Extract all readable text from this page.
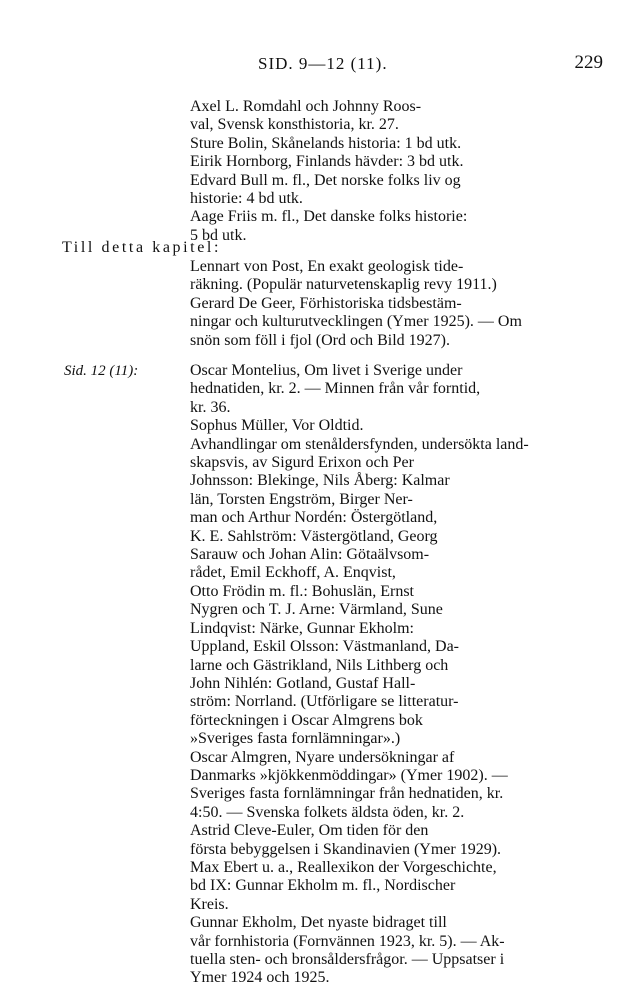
SID. 9—12 (11).	229
Axel L. Romdahl och Johnny Roos-
val, Svensk konsthistoria, kr. 27.
Sture Bolin, Skånelands historia: 1 bd utk.
Eirik Hornborg, Finlands hävder: 3 bd utk.
Edvard Bull m. fl., Det norske folks liv og
historie: 4 bd utk.
Aage Friis m. fl., Det danske folks historie:
5 bd utk.
Till detta kapitel:
Lennart von Post, En exakt geologisk tide-
räkning. (Populär naturvetenskaplig revy 1911.)
Gerard De Geer, Förhistoriska tidsbestäm-
ningar och kulturutvecklingen (Ymer 1925). — Om
snön som föll i fjol (Ord och Bild 1927).
Sid. 12 (11):	Oscar Montelius, Om livet i Sverige under
hednatiden, kr. 2. — Minnen från vår forntid,
kr. 36.
Sophus Müller, Vor Oldtid.
Avhandlingar om stenåldersfynden, undersökta land-
skapsvis, av Sigurd Erixon och Per
Johnsson: Blekinge, Nils Åberg: Kalmar
län, Torsten Engström, Birger Ner-
man och Arthur Nordén: Östergötland,
K. E. Sahlström: Västergötland, Georg
Sarauw och Johan Alin: Götaälvsom-
rådet, Emil Eckhoff, A. Enqvist,
Otto Frödin m. fl.: Bohuslän, Ernst
Nygren och T. J. Arne: Värmland, Sune
Lindqvist: Närke, Gunnar Ekholm:
Uppland, Eskil Olsson: Västmanland, Da-
larne och Gästrikland, Nils Lithberg och
John Nihlén: Gotland, Gustaf Hall-
ström: Norrland. (Utförligare se litteratur-
förteckningen i Oscar Almgrens bok
»Sveriges fasta fornlämningar».)
Oscar Almgren, Nyare undersökningar af
Danmarks »kjökkenmöddingar» (Ymer 1902). —
Sveriges fasta fornlämningar från hednatiden, kr.
4:50. — Svenska folkets äldsta öden, kr. 2.
Astrid Cleve-Euler, Om tiden för den
första bebyggelsen i Skandinavien (Ymer 1929).
Max Ebert u. a., Reallexikon der Vorgeschichte,
bd IX: Gunnar Ekholm m. fl., Nordischer
Kreis.
Gunnar Ekholm, Det nyaste bidraget till
vår fornhistoria (Fornvännen 1923, kr. 5). — Ak-
tuella sten- och bronsåldersfrågor. — Uppsatser i
Ymer 1924 och 1925.
